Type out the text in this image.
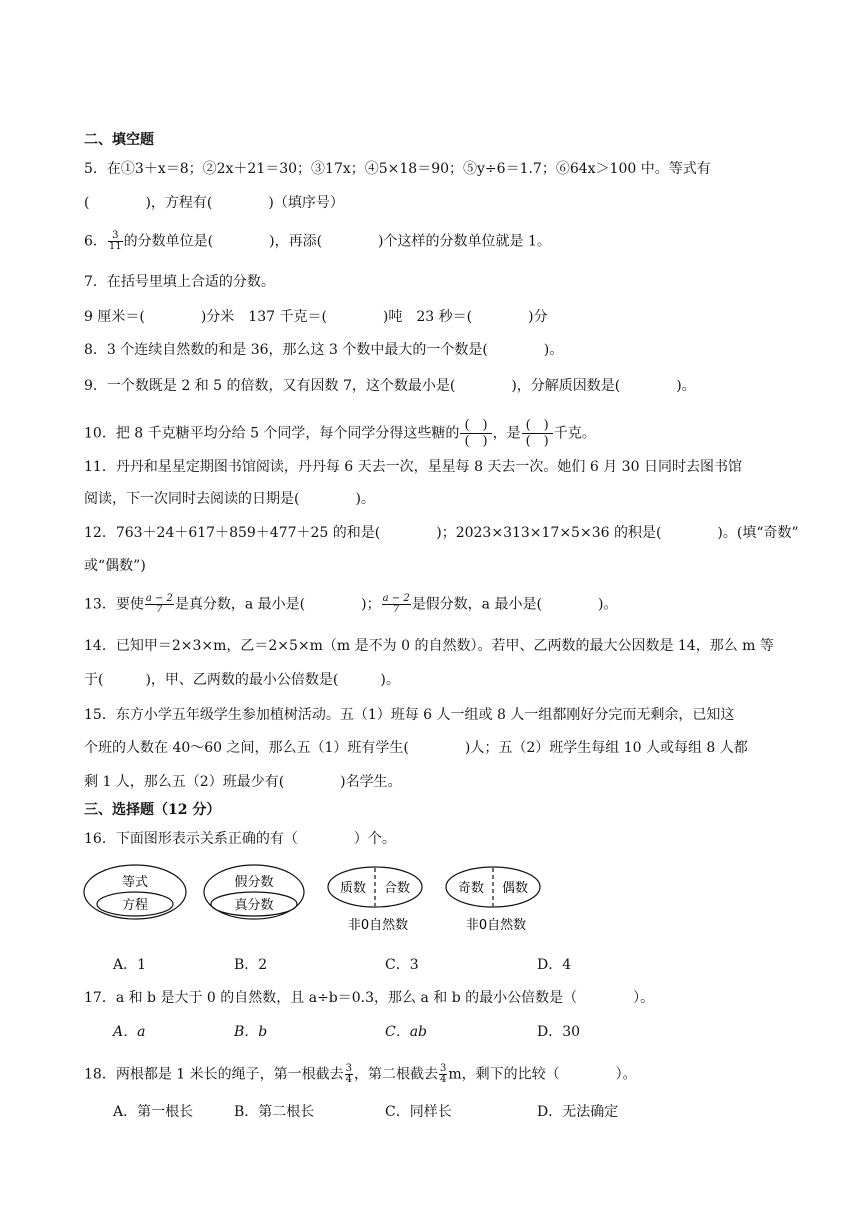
二、填空题
5．在①3＋x＝8；②2x＋21＝30；③17x；④5×18＝90；⑤y÷6＝1.7；⑥64x＞100 中。等式有
(　　　　)，方程有(　　　　)（填序号）
6． $\frac{3}{11}$ 的分数单位是(　　　　)，再添(　　　　)个这样的分数单位就是 1。
7．在括号里填上合适的分数。
9 厘米＝(　　　　)分米　137 千克＝(　　　　)吨　23 秒＝(　　　　)分
8．3 个连续自然数的和是 36，那么这 3 个数中最大的一个数是(　　　　)。
9．一个数既是 2 和 5 的倍数，又有因数 7，这个数最小是(　　　　)，分解质因数是(　　　　)。
10．把 8 千克糖平均分给 5 个同学，每个同学分得这些糖的 $\frac{( )}{( )}$ ，是 $\frac{( )}{( )}$ 千克。
11．丹丹和星星定期图书馆阅读，丹丹每 6 天去一次，星星每 8 天去一次。她们 6 月 30 日同时去图书馆
阅读，下一次同时去阅读的日期是(　　　　)。
12．763＋24＋617＋859＋477＋25 的和是(　　　　)；2023×313×17×5×36 的积是(　　　　)。(填“奇数”
或“偶数”)
13．要使 $\frac{a - 2}{7}$ 是真分数，a 最小是(　　　　)； $\frac{a - 2}{7}$ 是假分数，a 最小是(　　　　)。
14．已知甲＝2×3×m，乙＝2×5×m（m 是不为 0 的自然数）。若甲、乙两数的最大公因数是 14，那么 m 等
于(　　　)，甲、乙两数的最小公倍数是(　　　)。
15．东方小学五年级学生参加植树活动。五（1）班每 6 人一组或 8 人一组都刚好分完而无剩余，已知这
个班的人数在 40～60 之间，那么五（1）班有学生(　　　　)人；五（2）班学生每组 10 人或每组 8 人都
剩 1 人，那么五（2）班最少有(　　　　)名学生。
三、选择题（12 分）
16．下面图形表示关系正确的有（　　　　）个。
等式
方程
假分数
真分数
质数 合数
非0自然数
奇数 偶数
非0自然数
A．1	B．2	C．3	D．4
17．a 和 b 是大于 0 的自然数，且 a÷b＝0.3，那么 a 和 b 的最小公倍数是（　　　　）。
A．a	B．b	C．ab	D．30
18．两根都是 1 米长的绳子，第一根截去 $\frac{3}{4}$ ，第二根截去 $\frac{3}{4}$ m，剩下的比较（　　　　）。
A．第一根长	B．第二根长	C．同样长	D．无法确定
